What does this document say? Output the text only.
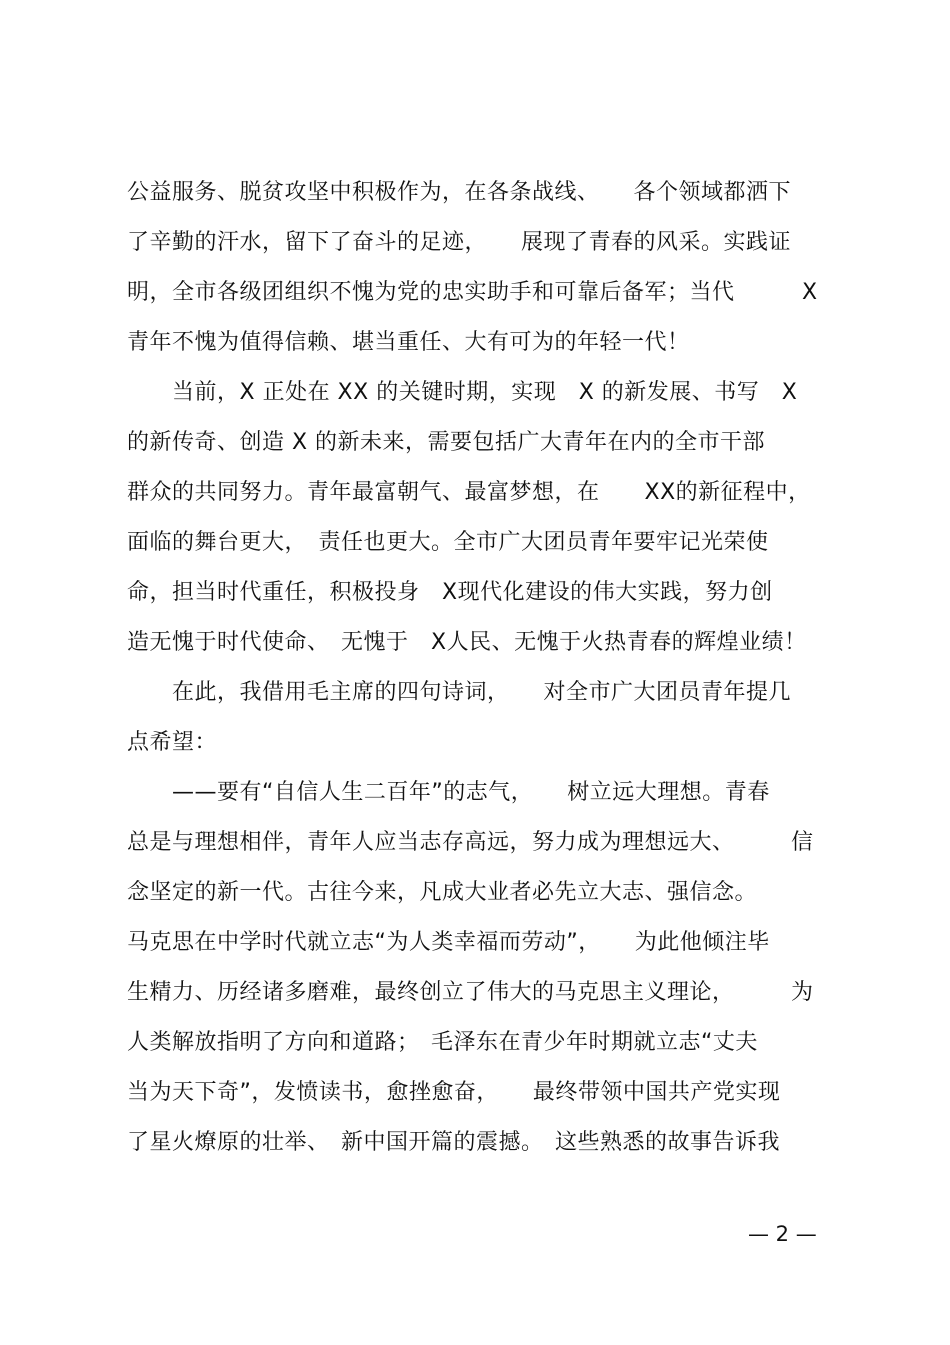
公益服务、脱贫攻坚中积极作为，在各条战线、　　各个领域都洒下
了辛勤的汗水，留下了奋斗的足迹，　　展现了青春的风采。实践证
明，全市各级团组织不愧为党的忠实助手和可靠后备军；当代　　　X
青年不愧为值得信赖、堪当重任、大有可为的年轻一代！
　　当前，X 正处在 XX 的关键时期，实现　X 的新发展、书写　X
的新传奇、创造 X 的新未来，需要包括广大青年在内的全市干部
群众的共同努力。青年最富朝气、最富梦想，在　　XX的新征程中，
面临的舞台更大，　责任也更大。全市广大团员青年要牢记光荣使
命，担当时代重任，积极投身　X现代化建设的伟大实践，努力创
造无愧于时代使命、　无愧于　X人民、无愧于火热青春的辉煌业绩！
　　在此，我借用毛主席的四句诗词，　　对全市广大团员青年提几
点希望：
　　——要有“自信人生二百年”的志气，　　树立远大理想。青春
总是与理想相伴，青年人应当志存高远，努力成为理想远大、　　　信
念坚定的新一代。古往今来，凡成大业者必先立大志、强信念。
马克思在中学时代就立志“为人类幸福而劳动”，　　为此他倾注毕
生精力、历经诸多磨难，最终创立了伟大的马克思主义理论，　　　为
人类解放指明了方向和道路；　毛泽东在青少年时期就立志“丈夫
当为天下奇”，发愤读书，愈挫愈奋，　　最终带领中国共产党实现
了星火燎原的壮举、　新中国开篇的震撼。　这些熟悉的故事告诉我
— 2 —
